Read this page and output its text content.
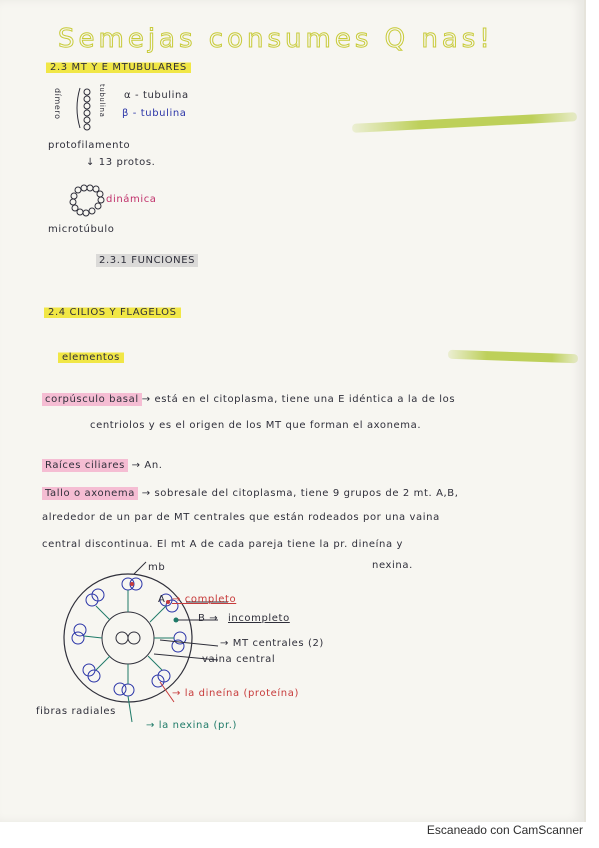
Semejas consumes Q nas!
2.3 MT Y E MTUBULARES
dímero	tubulina α - tubulina
β - tubulina
protofilamento
↓ 13 protos.
dinámica
microtúbulo
2.3.1 FUNCIONES
2.4 CILIOS Y FLAGELOS
elementos
corpúsculo basal → está en el citoplasma, tiene una E idéntica a la de los
centriolos y es el origen de los MT que forman el axonema.
Raíces ciliares → An.
Tallo o axonema → sobresale del citoplasma, tiene 9 grupos de 2 mt. A,B,
alrededor de un par de MT centrales que están rodeados por una vaina
central discontinua. El mt A de cada pareja tiene la pr. dineína y
nexina.
mb
A → completo
B → incompleto
→ MT centrales (2)
vaina central
fibras radiales
→ la dineína (proteína)
→ la nexina (pr.)
Escaneado con CamScanner
